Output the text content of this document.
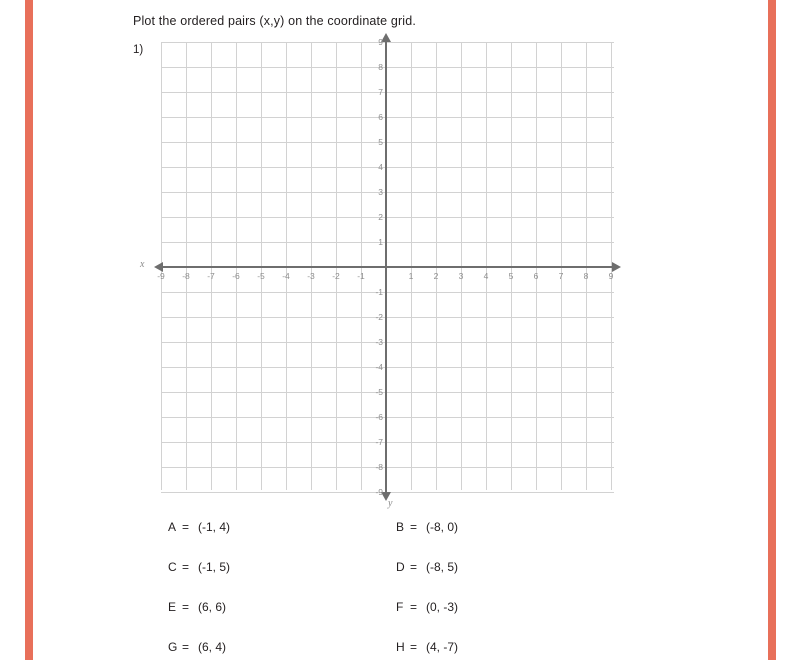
Plot the ordered pairs (x,y) on the coordinate grid.
1)
-9	-8	-7	-6	-5	-4	-3	-2	-1	1	2	3	4	5	6	7	8	9
9
8
7
6
5
4
3
2
1
-1
-2
-3
-4
-5
-6
-7
-8
-9
x
y
A = (-1, 4)	B = (-8, 0)
C = (-1, 5)	D = (-8, 5)
E = (6, 6)	F = (0, -3)
G = (6, 4)	H = (4, -7)
